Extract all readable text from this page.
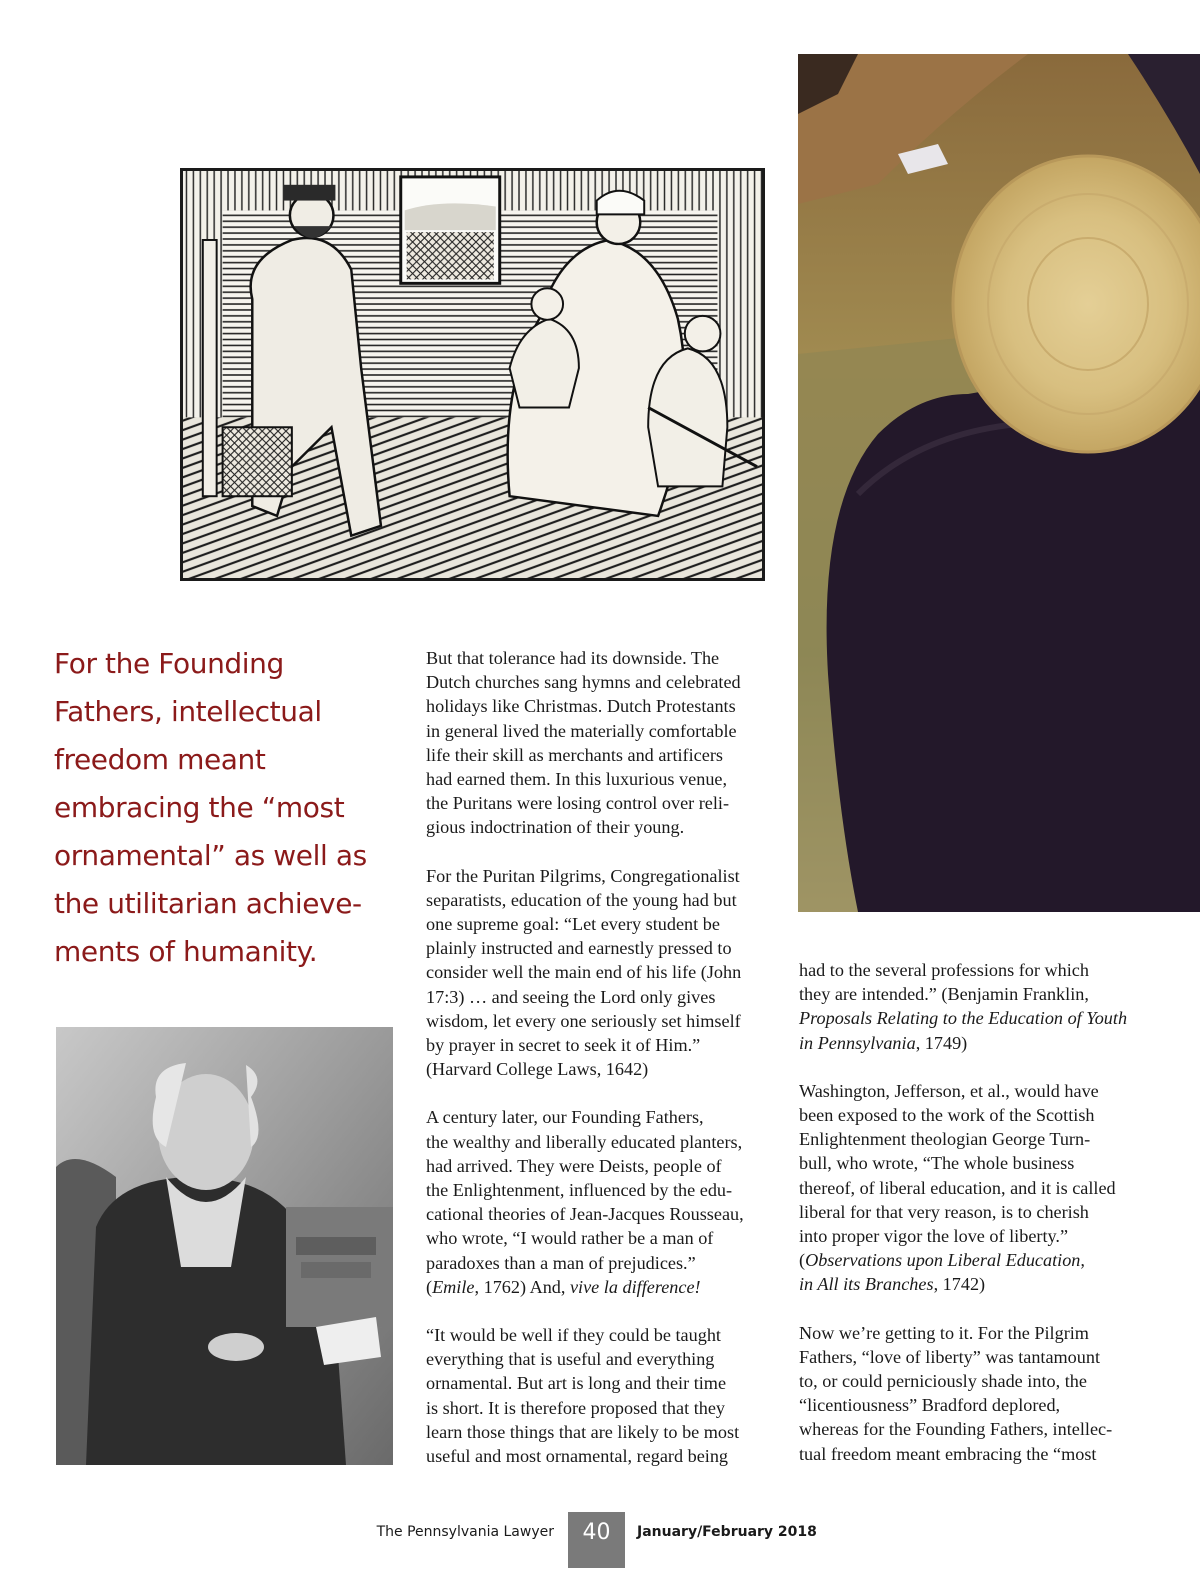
For the Founding

Fathers, intellectual

freedom meant

embracing the “most

ornamental” as well as

the utilitarian achieve-

ments of humanity.

But that tolerance had its downside. The

Dutch churches sang hymns and celebrated

holidays like Christmas. Dutch Protestants

in general lived the materially comfortable

life their skill as merchants and artificers

had earned them. In this luxurious venue,

the Puritans were losing control over reli-

gious indoctrination of their young.

For the Puritan Pilgrims, Congregationalist

separatists, education of the young had but

one supreme goal: “Let every student be

plainly instructed and earnestly pressed to

consider well the main end of his life (John

17:3) … and seeing the Lord only gives

wisdom, let every one seriously set himself

by prayer in secret to seek it of Him.”

(Harvard College Laws, 1642)

A century later, our Founding Fathers,

the wealthy and liberally educated planters,

had arrived. They were Deists, people of

the Enlightenment, influenced by the edu-

cational theories of Jean-Jacques Rousseau,

who wrote, “I would rather be a man of

paradoxes than a man of prejudices.”

(Emile, 1762) And, vive la difference!

“It would be well if they could be taught

everything that is useful and everything

ornamental. But art is long and their time

is short. It is therefore proposed that they

learn those things that are likely to be most

useful and most ornamental, regard being

had to the several professions for which

they are intended.” (Benjamin Franklin,

Proposals Relating to the Education of Youth

in Pennsylvania, 1749)

Washington, Jefferson, et al., would have

been exposed to the work of the Scottish

Enlightenment theologian George Turn-

bull, who wrote, “The whole business

thereof, of liberal education, and it is called

liberal for that very reason, is to cherish

into proper vigor the love of liberty.”

(Observations upon Liberal Education,

in All its Branches, 1742)

Now we’re getting to it. For the Pilgrim

Fathers, “love of liberty” was tantamount

to, or could perniciously shade into, the

“licentiousness” Bradford deplored,

whereas for the Founding Fathers, intellec-

tual freedom meant embracing the “most

The Pennsylvania Lawyer	40	January/February 2018
